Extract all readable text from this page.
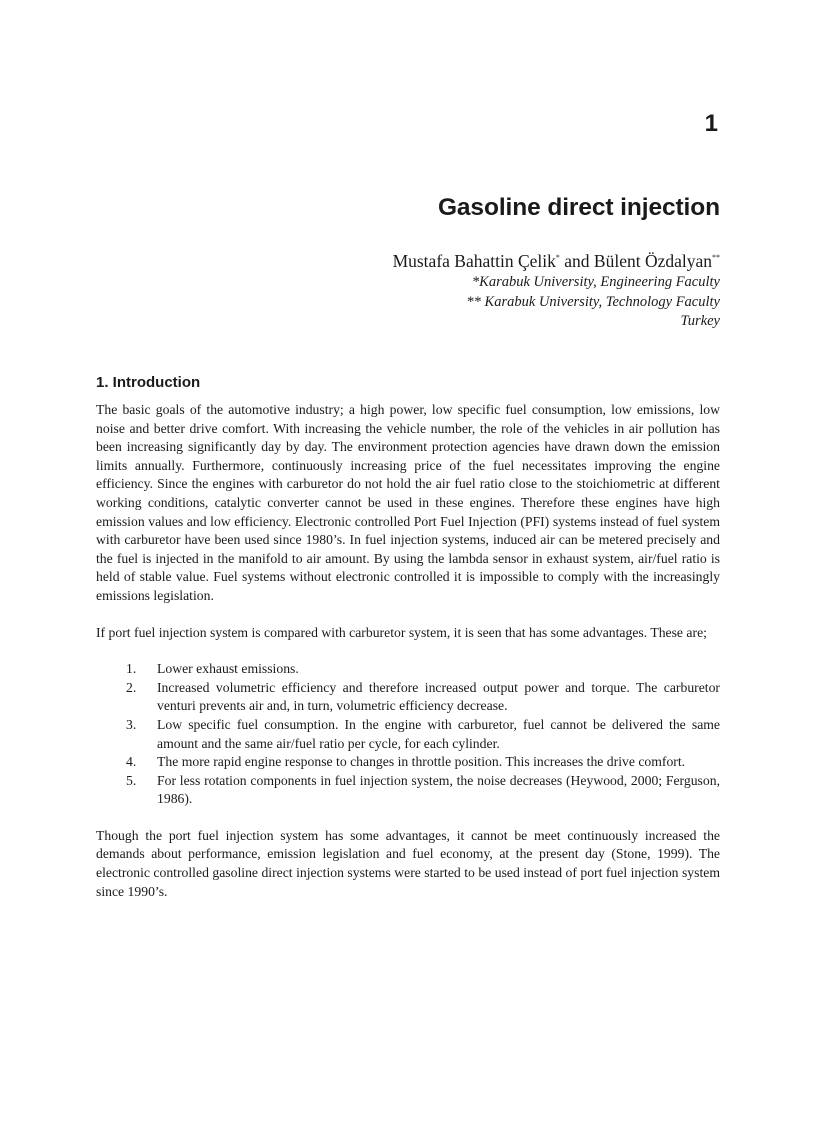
1
Gasoline direct injection
Mustafa Bahattin Çelik* and Bülent Özdalyan**
*Karabuk University, Engineering Faculty
** Karabuk University, Technology Faculty
Turkey
1. Introduction

The basic goals of the automotive industry; a high power, low specific fuel consumption, low emissions, low noise and better drive comfort. With increasing the vehicle number, the role of the vehicles in air pollution has been increasing significantly day by day. The environment protection agencies have drawn down the emission limits annually. Furthermore, continuously increasing price of the fuel necessitates improving the engine efficiency. Since the engines with carburetor do not hold the air fuel ratio close to the stoichiometric at different working conditions, catalytic converter cannot be used in these engines. Therefore these engines have high emission values and low efficiency. Electronic controlled Port Fuel Injection (PFI) systems instead of fuel system with carburetor have been used since 1980’s. In fuel injection systems, induced air can be metered precisely and the fuel is injected in the manifold to air amount. By using the lambda sensor in exhaust system, air/fuel ratio is held of stable value. Fuel systems without electronic controlled it is impossible to comply with the increasingly emissions legislation.

If port fuel injection system is compared with carburetor system, it is seen that has some advantages. These are;

1. Lower exhaust emissions.
2. Increased volumetric efficiency and therefore increased output power and torque. The carburetor venturi prevents air and, in turn, volumetric efficiency decrease.
3. Low specific fuel consumption. In the engine with carburetor, fuel cannot be delivered the same amount and the same air/fuel ratio per cycle, for each cylinder.
4. The more rapid engine response to changes in throttle position. This increases the drive comfort.
5. For less rotation components in fuel injection system, the noise decreases (Heywood, 2000; Ferguson, 1986).

Though the port fuel injection system has some advantages, it cannot be meet continuously increased the demands about performance, emission legislation and fuel economy, at the present day (Stone, 1999). The electronic controlled gasoline direct injection systems were started to be used instead of port fuel injection system since 1990’s.
